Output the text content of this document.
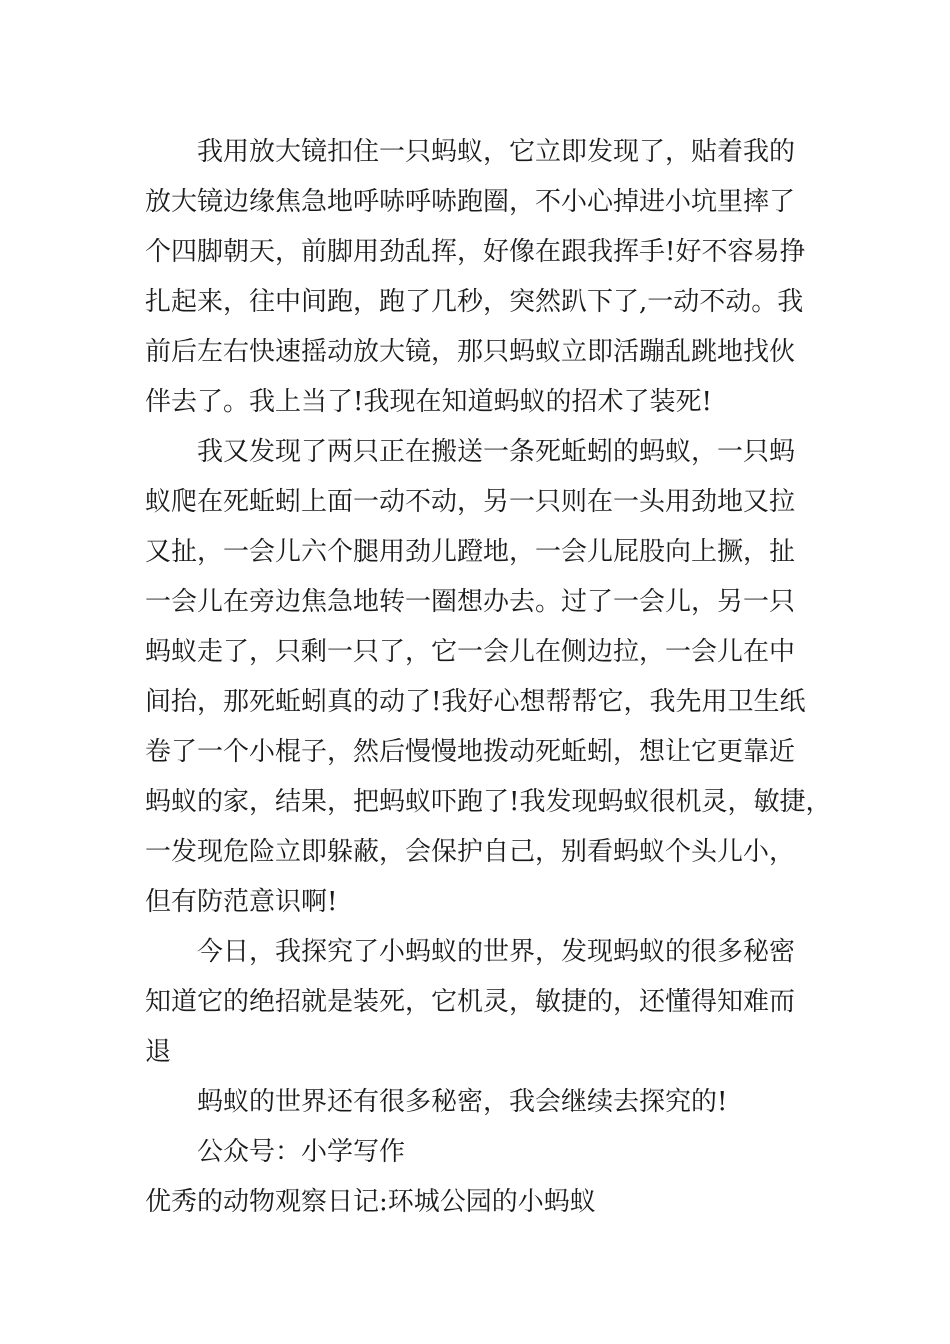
我用放大镜扣住一只蚂蚁，它立即发现了，贴着我的
放大镜边缘焦急地呼哧呼哧跑圈，不小心掉进小坑里摔了
个四脚朝天，前脚用劲乱挥，好像在跟我挥手!好不容易挣
扎起来，往中间跑，跑了几秒，突然趴下了,一动不动。我
前后左右快速摇动放大镜，那只蚂蚁立即活蹦乱跳地找伙
伴去了。我上当了!我现在知道蚂蚁的招术了装死!
我又发现了两只正在搬送一条死蚯蚓的蚂蚁，一只蚂
蚁爬在死蚯蚓上面一动不动，另一只则在一头用劲地又拉
又扯，一会儿六个腿用劲儿蹬地，一会儿屁股向上撅，扯
一会儿在旁边焦急地转一圈想办去。过了一会儿，另一只
蚂蚁走了，只剩一只了，它一会儿在侧边拉，一会儿在中
间抬，那死蚯蚓真的动了!我好心想帮帮它，我先用卫生纸
卷了一个小棍子，然后慢慢地拨动死蚯蚓，想让它更靠近
蚂蚁的家，结果，把蚂蚁吓跑了!我发现蚂蚁很机灵，敏捷，
一发现危险立即躲蔽，会保护自己，别看蚂蚁个头儿小，
但有防范意识啊!
今日，我探究了小蚂蚁的世界，发现蚂蚁的很多秘密
知道它的绝招就是装死，它机灵，敏捷的，还懂得知难而
退
蚂蚁的世界还有很多秘密，我会继续去探究的!
公众号：小学写作
优秀的动物观察日记:环城公园的小蚂蚁
